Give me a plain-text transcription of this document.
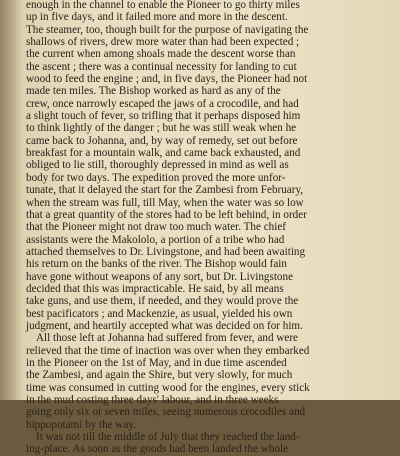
enough in the channel to enable the Pioneer to go thirty miles
up in five days, and it failed more and more in the descent.
The steamer, too, though built for the purpose of navigating the
shallows of rivers, drew more water than had been expected ;
the current when among shoals made the descent worse than
the ascent ; there was a continual necessity for landing to cut
wood to feed the engine ; and, in five days, the Pioneer had not
made ten miles. The Bishop worked as hard as any of the
crew, once narrowly escaped the jaws of a crocodile, and had
a slight touch of fever, so trifling that it perhaps disposed him
to think lightly of the danger ; but he was still weak when he
came back to Johanna, and, by way of remedy, set out before
breakfast for a mountain walk, and came back exhausted, and
obliged to lie still, thoroughly depressed in mind as well as
body for two days. The expedition proved the more unfor-
tunate, that it delayed the start for the Zambesi from February,
when the stream was full, till May, when the water was so low
that a great quantity of the stores had to be left behind, in order
that the Pioneer might not draw too much water. The chief
assistants were the Makololo, a portion of a tribe who had
attached themselves to Dr. Livingstone, and had been awaiting
his return on the banks of the river. The Bishop would fain
have gone without weapons of any sort, but Dr. Livingstone
decided that this was impracticable. He said, by all means
take guns, and use them, if needed, and they would prove the
best pacificators ; and Mackenzie, as usual, yielded his own
judgment, and heartily accepted what was decided on for him.
All those left at Johanna had suffered from fever, and were
relieved that the time of inaction was over when they embarked
in the Pioneer on the 1st of May, and in due time ascended
the Zambesi, and again the Shire, but very slowly, for much
time was consumed in cutting wood for the engines, every stick
in the mud costing three days' labour, and in three weeks
going only six or seven miles, seeing numerous crocodiles and
hippopotami by the way.
It was not till the middle of July that they reached the land-
ing-place. As soon as the goods had been landed the whole
